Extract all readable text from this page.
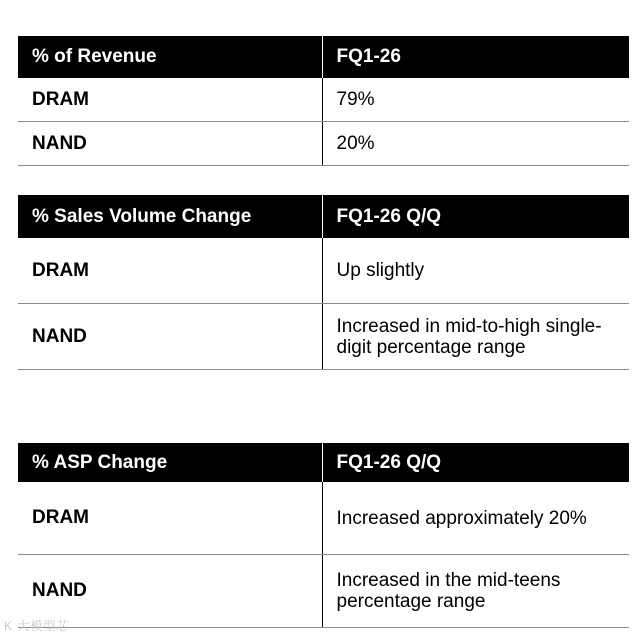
% of Revenue	FQ1-26
DRAM	79%
NAND	20%
% Sales Volume Change	FQ1-26 Q/Q
DRAM	Up slightly
NAND	Increased in mid-to-high single-digit percentage range
% ASP Change	FQ1-26 Q/Q
DRAM	Increased approximately 20%
NAND	Increased in the mid-teens percentage range
K 大模型芯
